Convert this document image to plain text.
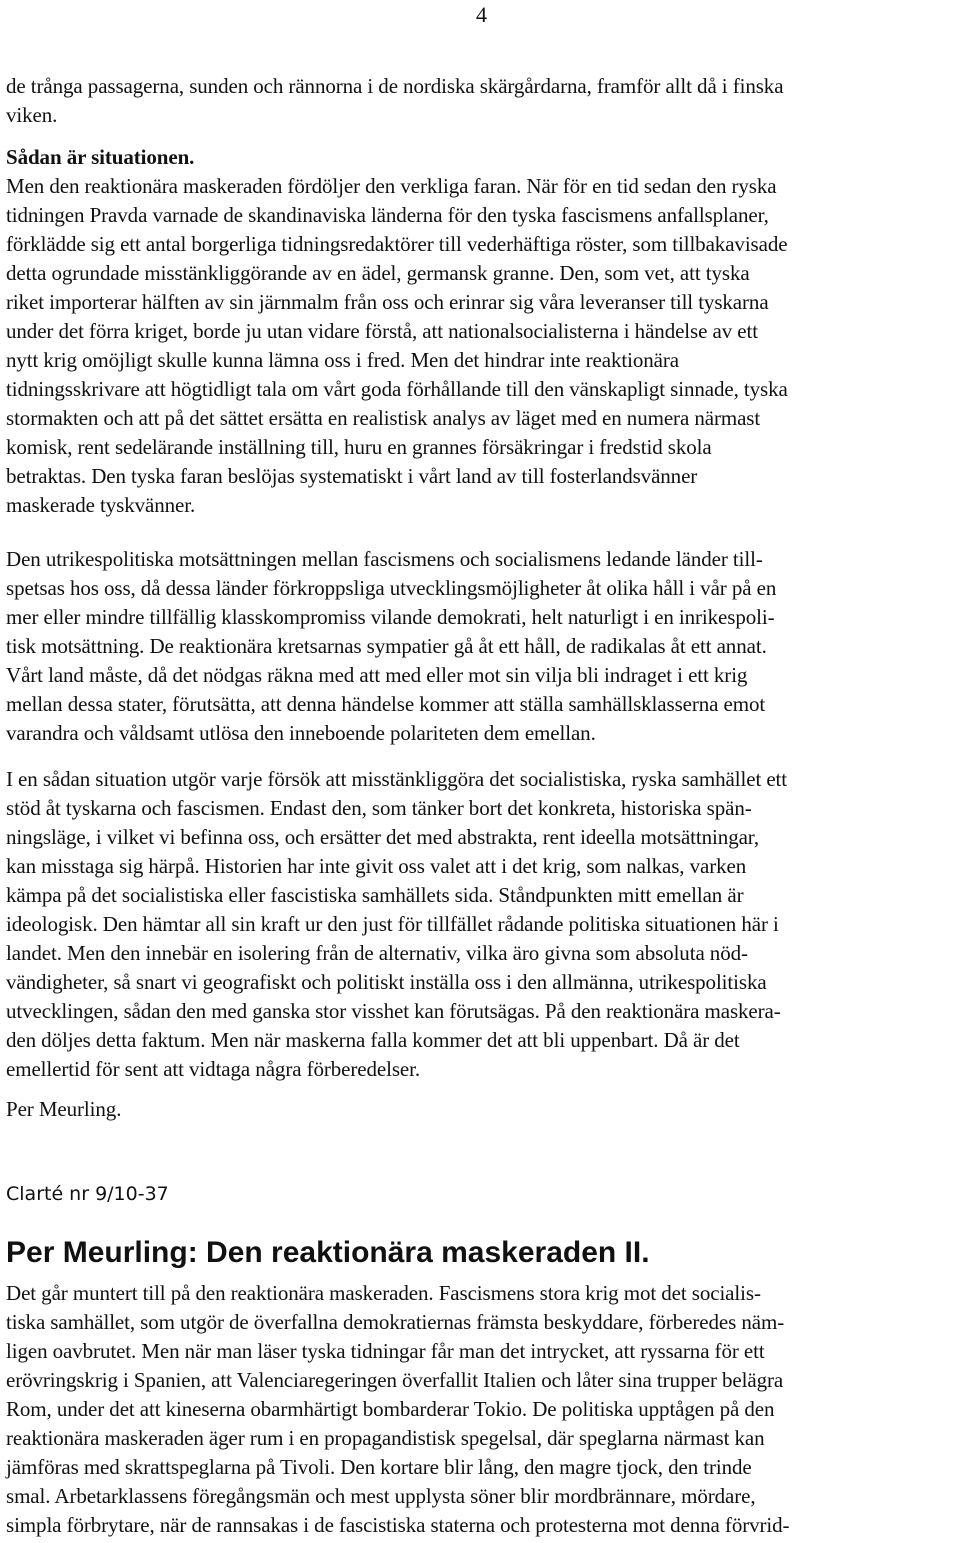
4

de trånga passagerna, sunden och rännorna i de nordiska skärgårdarna, framför allt då i finska

viken.

Sådan är situationen.

Men den reaktionära maskeraden fördöljer den verkliga faran. När för en tid sedan den ryska

tidningen Pravda varnade de skandinaviska länderna för den tyska fascismens anfallsplaner,

förklädde sig ett antal borgerliga tidningsredaktörer till vederhäftiga röster, som tillbakavisade

detta ogrundade misstänkliggörande av en ädel, germansk granne. Den, som vet, att tyska

riket importerar hälften av sin järnmalm från oss och erinrar sig våra leveranser till tyskarna

under det förra kriget, borde ju utan vidare förstå, att nationalsocialisterna i händelse av ett

nytt krig omöjligt skulle kunna lämna oss i fred. Men det hindrar inte reaktionära

tidningsskrivare att högtidligt tala om vårt goda förhållande till den vänskapligt sinnade, tyska

stormakten och att på det sättet ersätta en realistisk analys av läget med en numera närmast

komisk, rent sedelärande inställning till, huru en grannes försäkringar i fredstid skola

betraktas. Den tyska faran beslöjas systematiskt i vårt land av till fosterlandsvänner

maskerade tyskvänner.

Den utrikespolitiska motsättningen mellan fascismens och socialismens ledande länder till-

spetsas hos oss, då dessa länder förkroppsliga utvecklingsmöjligheter åt olika håll i vår på en

mer eller mindre tillfällig klasskompromiss vilande demokrati, helt naturligt i en inrikespoli-

tisk motsättning. De reaktionära kretsarnas sympatier gå åt ett håll, de radikalas åt ett annat.

Vårt land måste, då det nödgas räkna med att med eller mot sin vilja bli indraget i ett krig

mellan dessa stater, förutsätta, att denna händelse kommer att ställa samhällsklasserna emot

varandra och våldsamt utlösa den inneboende polariteten dem emellan.

I en sådan situation utgör varje försök att misstänkliggöra det socialistiska, ryska samhället ett

stöd åt tyskarna och fascismen. Endast den, som tänker bort det konkreta, historiska spän-

ningsläge, i vilket vi befinna oss, och ersätter det med abstrakta, rent ideella motsättningar,

kan misstaga sig härpå. Historien har inte givit oss valet att i det krig, som nalkas, varken

kämpa på det socialistiska eller fascistiska samhällets sida. Ståndpunkten mitt emellan är

ideologisk. Den hämtar all sin kraft ur den just för tillfället rådande politiska situationen här i

landet. Men den innebär en isolering från de alternativ, vilka äro givna som absoluta nöd-

vändigheter, så snart vi geografiskt och politiskt inställa oss i den allmänna, utrikespolitiska

utvecklingen, sådan den med ganska stor visshet kan förutsägas. På den reaktionära maskera-

den döljes detta faktum. Men när maskerna falla kommer det att bli uppenbart. Då är det

emellertid för sent att vidtaga några förberedelser.

Per Meurling.
Clarté nr 9/10-37
Per Meurling: Den reaktionära maskeraden II.

Det går muntert till på den reaktionära maskeraden. Fascismens stora krig mot det socialis-

tiska samhället, som utgör de överfallna demokratiernas främsta beskyddare, förberedes näm-

ligen oavbrutet. Men när man läser tyska tidningar får man det intrycket, att ryssarna för ett

erövringskrig i Spanien, att Valenciaregeringen överfallit Italien och låter sina trupper belägra

Rom, under det att kineserna obarmhärtigt bombarderar Tokio. De politiska upptågen på den

reaktionära maskeraden äger rum i en propagandistisk spegelsal, där speglarna närmast kan

jämföras med skrattspeglarna på Tivoli. Den kortare blir lång, den magre tjock, den trinde

smal. Arbetarklassens föregångsmän och mest upplysta söner blir mordbrännare, mördare,

simpla förbrytare, när de rannsakas i de fascistiska staterna och protesterna mot denna förvrid-
